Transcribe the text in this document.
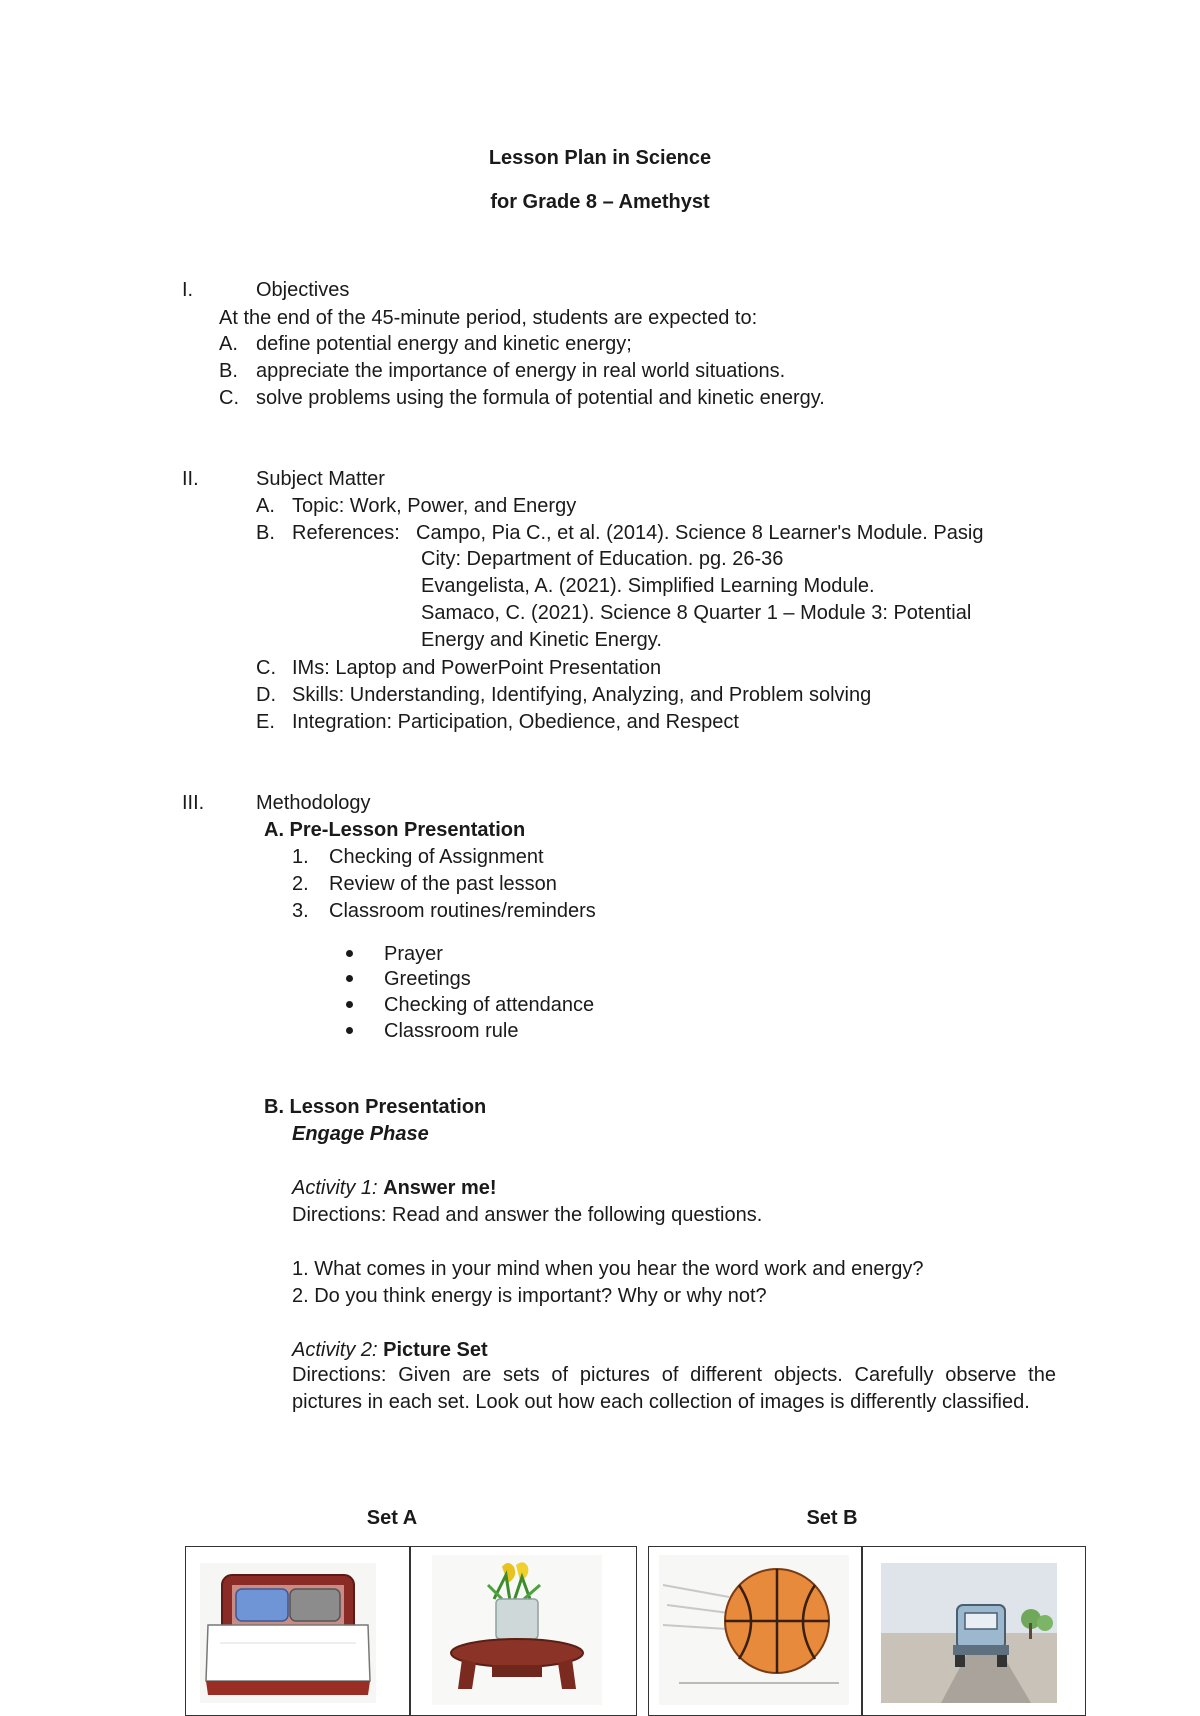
Lesson Plan in Science
for Grade 8 – Amethyst
I.	Objectives
At the end of the 45-minute period, students are expected to:
A. define potential energy and kinetic energy;
B. appreciate the importance of energy in real world situations.
C. solve problems using the formula of potential and kinetic energy.
II.	Subject Matter
A. Topic: Work, Power, and Energy
B. References: Campo, Pia C., et al. (2014). Science 8 Learner's Module. Pasig
City: Department of Education. pg. 26-36
Evangelista, A. (2021). Simplified Learning Module.
Samaco, C. (2021). Science 8 Quarter 1 – Module 3: Potential
Energy and Kinetic Energy.
C. IMs: Laptop and PowerPoint Presentation
D. Skills: Understanding, Identifying, Analyzing, and Problem solving
E. Integration: Participation, Obedience, and Respect
III.	Methodology
A. Pre-Lesson Presentation
1. Checking of Assignment
2. Review of the past lesson
3. Classroom routines/reminders
Prayer
Greetings
Checking of attendance
Classroom rule
B. Lesson Presentation
Engage Phase
Activity 1: Answer me!
Directions: Read and answer the following questions.
1. What comes in your mind when you hear the word work and energy?
2. Do you think energy is important? Why or why not?
Activity 2: Picture Set
Directions: Given are sets of pictures of different objects. Carefully observe the pictures in each set. Look out how each collection of images is differently classified.
Set A	Set B
